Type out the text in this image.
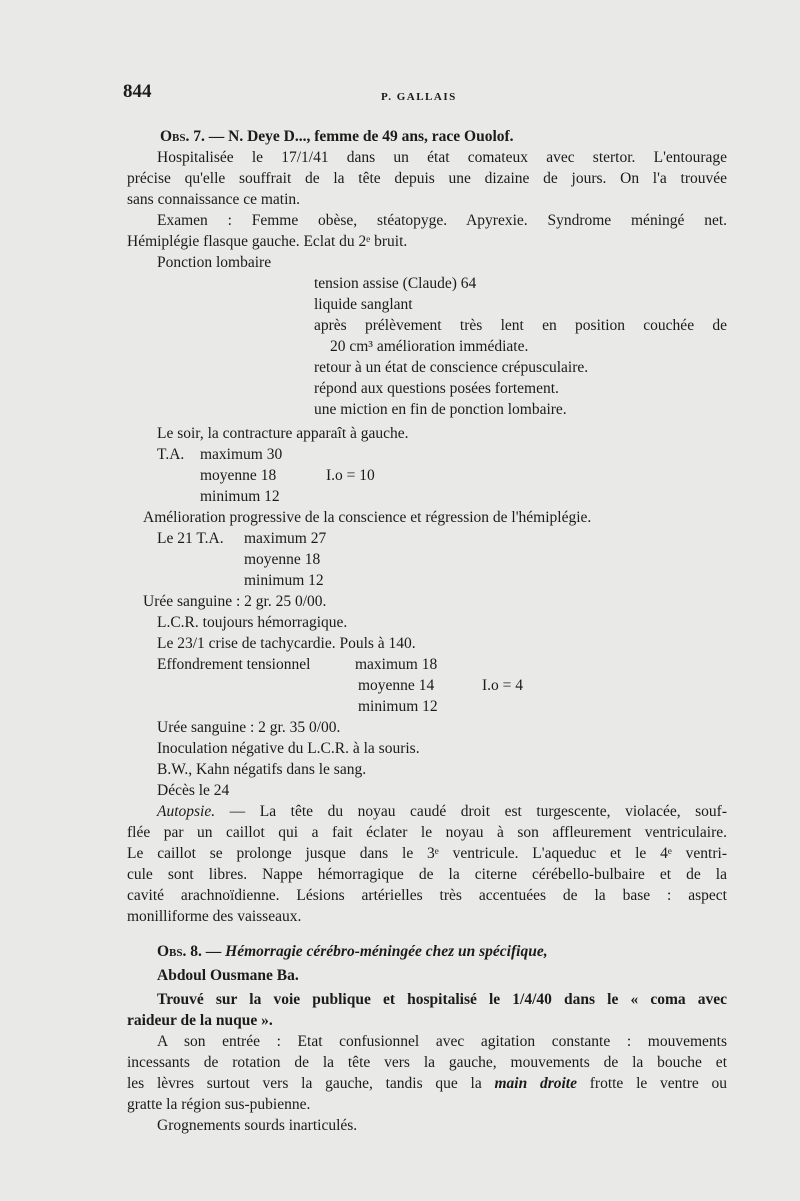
844	P. GALLAIS
Obs. 7. — N. Deye D..., femme de 49 ans, race Ouolof.
Hospitalisée le 17/1/41 dans un état comateux avec stertor. L'entourage
précise qu'elle souffrait de la tête depuis une dizaine de jours. On l'a trouvée
sans connaissance ce matin.
Examen : Femme obèse, stéatopyge. Apyrexie. Syndrome méningé net.
Hémiplégie flasque gauche. Eclat du 2ᵉ bruit.
Ponction lombaire
tension assise (Claude) 64
liquide sanglant
après prélèvement très lent en position couchée de
20 cm³ amélioration immédiate.
retour à un état de conscience crépusculaire.
répond aux questions posées fortement.
une miction en fin de ponction lombaire.
Le soir, la contracture apparaît à gauche.
T.A. maximum 30
moyenne 18	I.o = 10
minimum 12
Amélioration progressive de la conscience et régression de l'hémiplégie.
Le 21 T.A. maximum 27
moyenne 18
minimum 12
Urée sanguine : 2 gr. 25 0/00.
L.C.R. toujours hémorragique.
Le 23/1 crise de tachycardie. Pouls à 140.
Effondrement tensionnel	maximum 18
moyenne 14	I.o = 4
minimum 12
Urée sanguine : 2 gr. 35 0/00.
Inoculation négative du L.C.R. à la souris.
B.W., Kahn négatifs dans le sang.
Décès le 24
Autopsie. — La tête du noyau caudé droit est turgescente, violacée, souf-
flée par un caillot qui a fait éclater le noyau à son affleurement ventriculaire.
Le caillot se prolonge jusque dans le 3ᵉ ventricule. L'aqueduc et le 4ᵉ ventri-
cule sont libres. Nappe hémorragique de la citerne cérébello-bulbaire et de la
cavité arachnoïdienne. Lésions artérielles très accentuées de la base : aspect
monilliforme des vaisseaux.
Obs. 8. — Hémorragie cérébro-méningée chez un spécifique,
Abdoul Ousmane Ba.
Trouvé sur la voie publique et hospitalisé le 1/4/40 dans le « coma avec
raideur de la nuque ».
A son entrée : Etat confusionnel avec agitation constante : mouvements
incessants de rotation de la tête vers la gauche, mouvements de la bouche et
les lèvres surtout vers la gauche, tandis que la main droite frotte le ventre ou
gratte la région sus-pubienne.
Grognements sourds inarticulés.
